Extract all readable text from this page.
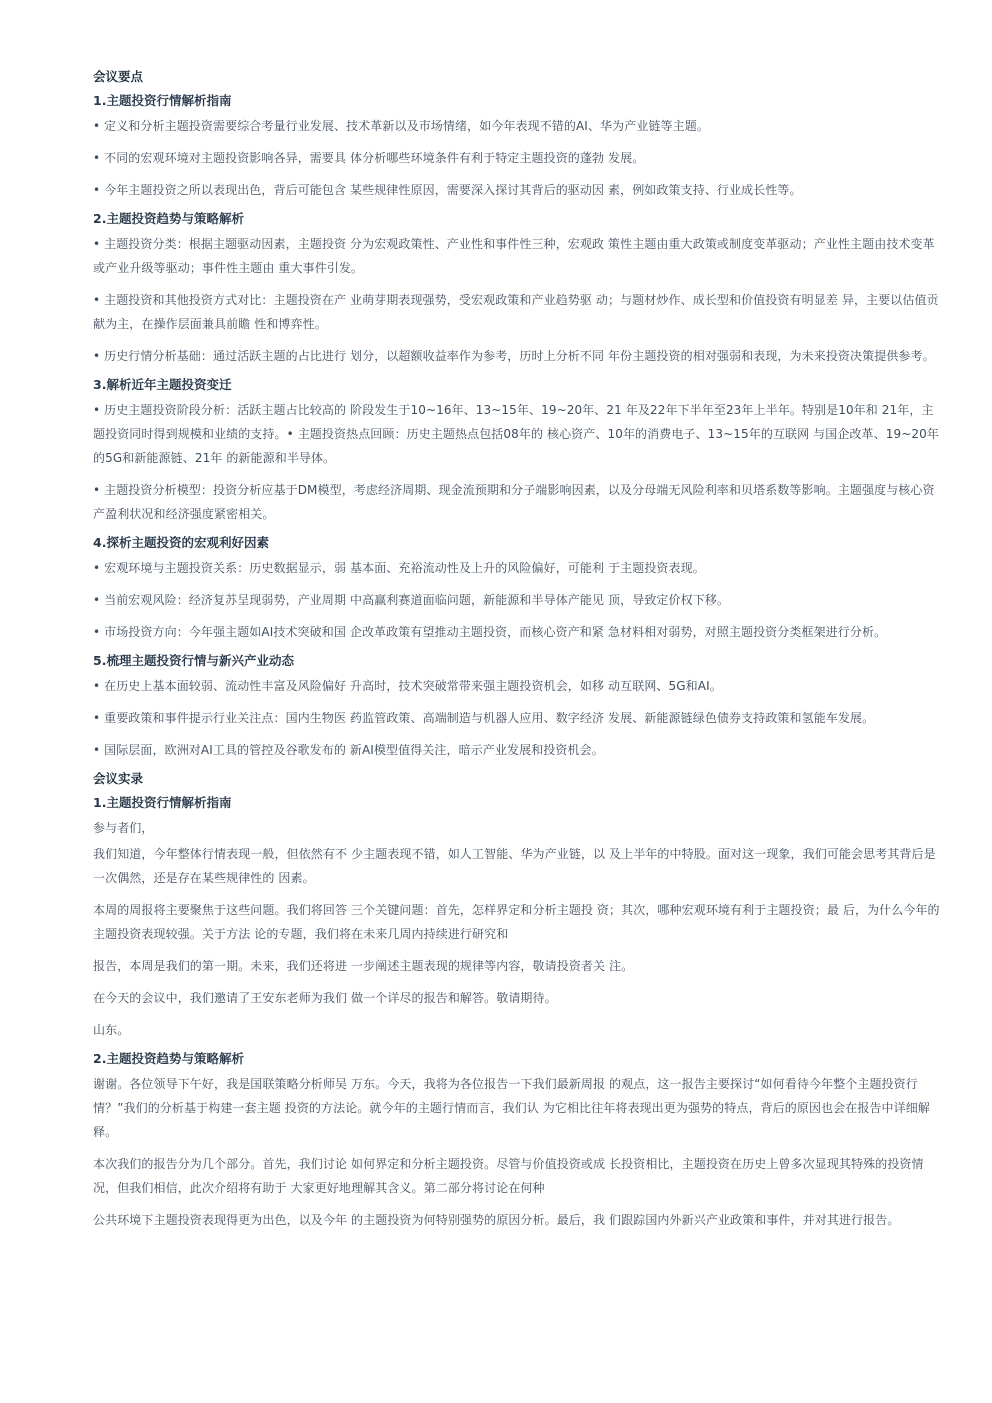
会议要点
1.主题投资行情解析指南
• 定义和分析主题投资需要综合考量行业发展、技术革新以及市场情绪，如今年表现不错的AI、华为产业链等主题。
• 不同的宏观环境对主题投资影响各异，需要具 体分析哪些环境条件有利于特定主题投资的蓬勃 发展。
• 今年主题投资之所以表现出色，背后可能包含 某些规律性原因，需要深入探讨其背后的驱动因 素，例如政策支持、行业成长性等。
2.主题投资趋势与策略解析
• 主题投资分类：根据主题驱动因素，主题投资 分为宏观政策性、产业性和事件性三种，宏观政 策性主题由重大政策或制度变革驱动；产业性主题由技术变革或产业升级等驱动；事件性主题由 重大事件引发。
• 主题投资和其他投资方式对比：主题投资在产 业萌芽期表现强势，受宏观政策和产业趋势驱 动；与题材炒作、成长型和价值投资有明显差 异，主要以估值贡献为主，在操作层面兼具前瞻 性和博弈性。
• 历史行情分析基础：通过活跃主题的占比进行 划分，以超额收益率作为参考，历时上分析不同 年份主题投资的相对强弱和表现，为未来投资决策提供参考。
3.解析近年主题投资变迁
• 历史主题投资阶段分析：活跃主题占比较高的 阶段发生于10~16年、13~15年、19~20年、21 年及22年下半年至23年上半年。特别是10年和 21年，主题投资同时得到规模和业绩的支持。• 主题投资热点回顾：历史主题热点包括08年的 核心资产、10年的消费电子、13~15年的互联网 与国企改革、19~20年的5G和新能源链、21年 的新能源和半导体。
• 主题投资分析模型：投资分析应基于DM模型，考虑经济周期、现金流预期和分子端影响因素，以及分母端无风险利率和贝塔系数等影响。主题强度与核心资产盈利状况和经济强度紧密相关。
4.探析主题投资的宏观利好因素
• 宏观环境与主题投资关系：历史数据显示，弱 基本面、充裕流动性及上升的风险偏好，可能利 于主题投资表现。
• 当前宏观风险：经济复苏呈现弱势，产业周期 中高赢利赛道面临问题，新能源和半导体产能见 顶，导致定价权下移。
• 市场投资方向：今年强主题如AI技术突破和国 企改革政策有望推动主题投资，而核心资产和紧 急材料相对弱势，对照主题投资分类框架进行分析。
5.梳理主题投资行情与新兴产业动态
• 在历史上基本面较弱、流动性丰富及风险偏好 升高时，技术突破常带来强主题投资机会，如移 动互联网、5G和AI。
• 重要政策和事件提示行业关注点：国内生物医 药监管政策、高端制造与机器人应用、数字经济 发展、新能源链绿色债券支持政策和氢能车发展。
• 国际层面，欧洲对AI工具的管控及谷歌发布的 新AI模型值得关注，暗示产业发展和投资机会。
会议实录
1.主题投资行情解析指南
参与者们，
我们知道，今年整体行情表现一般，但依然有不 少主题表现不错，如人工智能、华为产业链，以 及上半年的中特股。面对这一现象，我们可能会思考其背后是一次偶然，还是存在某些规律性的 因素。
本周的周报将主要聚焦于这些问题。我们将回答 三个关键问题：首先，怎样界定和分析主题投 资；其次，哪种宏观环境有利于主题投资；最 后，为什么今年的主题投资表现较强。关于方法 论的专题，我们将在未来几周内持续进行研究和
报告，本周是我们的第一期。未来，我们还将进 一步阐述主题表现的规律等内容，敬请投资者关 注。
在今天的会议中，我们邀请了王安东老师为我们 做一个详尽的报告和解答。敬请期待。
山东。
2.主题投资趋势与策略解析
谢谢。各位领导下午好，我是国联策略分析师吴 万东。今天，我将为各位报告一下我们最新周报 的观点，这一报告主要探讨“如何看待今年整个主题投资行情？”我们的分析基于构建一套主题 投资的方法论。就今年的主题行情而言，我们认 为它相比往年将表现出更为强势的特点，背后的原因也会在报告中详细解释。
本次我们的报告分为几个部分。首先，我们讨论 如何界定和分析主题投资。尽管与价值投资或成 长投资相比，主题投资在历史上曾多次显现其特殊的投资情况，但我们相信，此次介绍将有助于 大家更好地理解其含义。第二部分将讨论在何种
公共环境下主题投资表现得更为出色，以及今年 的主题投资为何特别强势的原因分析。最后，我 们跟踪国内外新兴产业政策和事件，并对其进行报告。
